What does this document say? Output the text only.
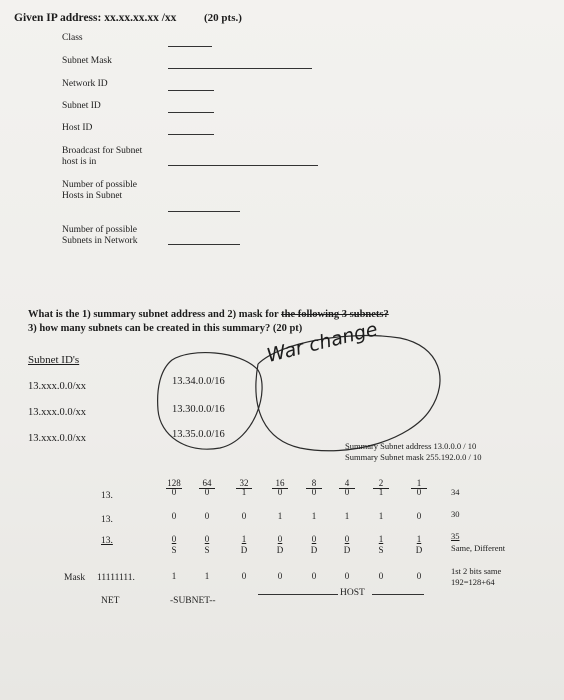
Given IP address: xx.xx.xx.xx /xx	(20 pts.)
Class
Subnet Mask
Network ID
Subnet ID
Host ID
Broadcast for Subnet host is in
Number of possible Hosts in Subnet
Number of possible Subnets in Network
What is the 1) summary subnet address and 2) mask for the following 3 subnets?
3) how many subnets can be created in this summary? (20 pt)
Subnet ID's
13.xxx.0.0/xx
13.xxx.0.0/xx
13.xxx.0.0/xx
13.34.0.0/16
13.30.0.0/16
13.35.0.0/16
War change
Summary Subnet address 13.0.0.0 / 10
Summary Subnet mask 255.192.0.0 / 10
128 64	32	16	8	4	2	1
13.	0	0	1	0	0	0	1	0	34
13.	0	0	0	1	1	1	1	0	30
13.	0	0	1	0	0	0	1	1	35
S	S	D	D	D	D	S	D	Same, Different
Mask 11111111.	1	1	0	0	0	0	0	0	1st 2 bits same
192=128+64
NET	-SUBNET--
HOST
